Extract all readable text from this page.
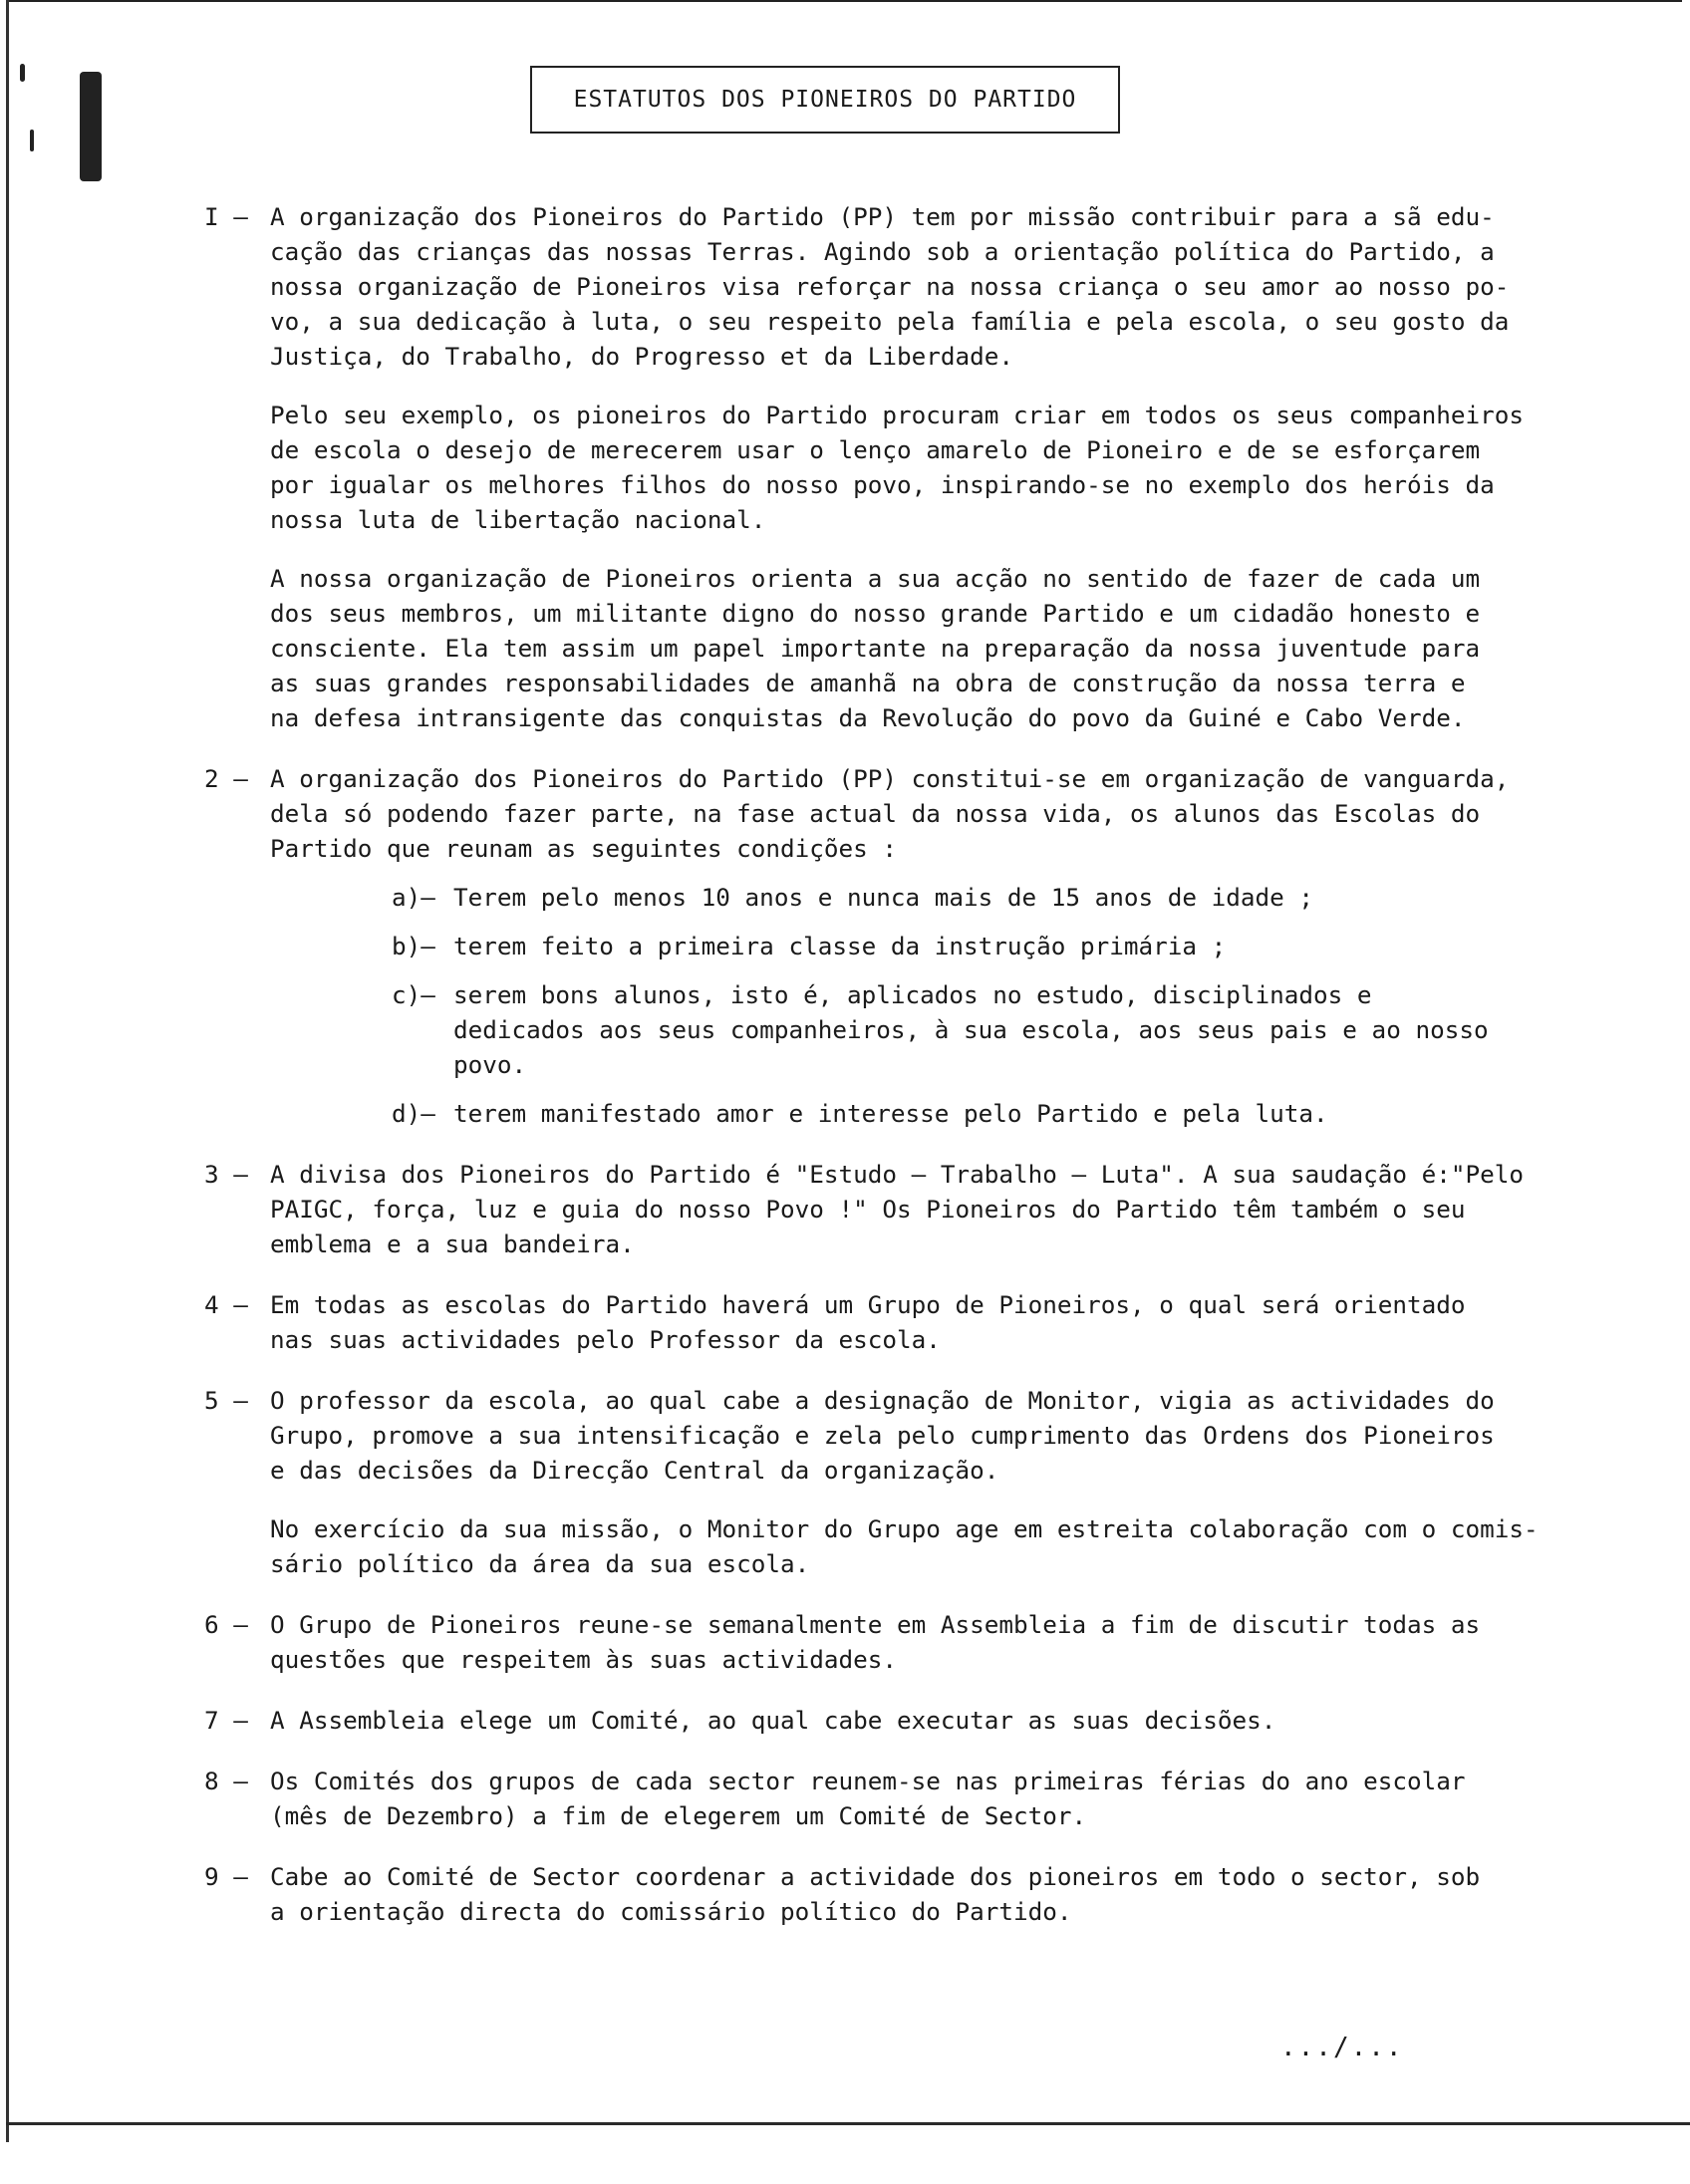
ESTATUTOS DOS PIONEIROS DO PARTIDO
I – A organização dos Pioneiros do Partido (PP) tem por missão contribuir para a sã edu-
cação das crianças das nossas Terras. Agindo sob a orientação política do Partido, a
nossa organização de Pioneiros visa reforçar na nossa criança o seu amor ao nosso po-
vo, a sua dedicação à luta, o seu respeito pela família e pela escola, o seu gosto da
Justiça, do Trabalho, do Progresso et da Liberdade.
Pelo seu exemplo, os pioneiros do Partido procuram criar em todos os seus companheiros
de escola o desejo de merecerem usar o lenço amarelo de Pioneiro e de se esforçarem
por igualar os melhores filhos do nosso povo, inspirando-se no exemplo dos heróis da
nossa luta de libertação nacional.
A nossa organização de Pioneiros orienta a sua acção no sentido de fazer de cada um
dos seus membros, um militante digno do nosso grande Partido e um cidadão honesto e
consciente. Ela tem assim um papel importante na preparação da nossa juventude para
as suas grandes responsabilidades de amanhã na obra de construção da nossa terra e
na defesa intransigente das conquistas da Revolução do povo da Guiné e Cabo Verde.
2 – A organização dos Pioneiros do Partido (PP) constitui-se em organização de vanguarda,
dela só podendo fazer parte, na fase actual da nossa vida, os alunos das Escolas do
Partido que reunam as seguintes condições :
a)– Terem pelo menos 10 anos e nunca mais de 15 anos de idade ;
b)– terem feito a primeira classe da instrução primária ;
c)– serem bons alunos, isto é, aplicados no estudo, disciplinados e
dedicados aos seus companheiros, à sua escola, aos seus pais e ao nosso
povo.
d)– terem manifestado amor e interesse pelo Partido e pela luta.
3 – A divisa dos Pioneiros do Partido é "Estudo – Trabalho – Luta". A sua saudação é:"Pelo
PAIGC, força, luz e guia do nosso Povo !" Os Pioneiros do Partido têm também o seu
emblema e a sua bandeira.
4 – Em todas as escolas do Partido haverá um Grupo de Pioneiros, o qual será orientado
nas suas actividades pelo Professor da escola.
5 – O professor da escola, ao qual cabe a designação de Monitor, vigia as actividades do
Grupo, promove a sua intensificação e zela pelo cumprimento das Ordens dos Pioneiros
e das decisões da Direcção Central da organização.
No exercício da sua missão, o Monitor do Grupo age em estreita colaboração com o comis-
sário político da área da sua escola.
6 – O Grupo de Pioneiros reune-se semanalmente em Assembleia a fim de discutir todas as
questões que respeitem às suas actividades.
7 – A Assembleia elege um Comité, ao qual cabe executar as suas decisões.
8 – Os Comités dos grupos de cada sector reunem-se nas primeiras férias do ano escolar
(mês de Dezembro) a fim de elegerem um Comité de Sector.
9 – Cabe ao Comité de Sector coordenar a actividade dos pioneiros em todo o sector, sob
a orientação directa do comissário político do Partido.
.../...
